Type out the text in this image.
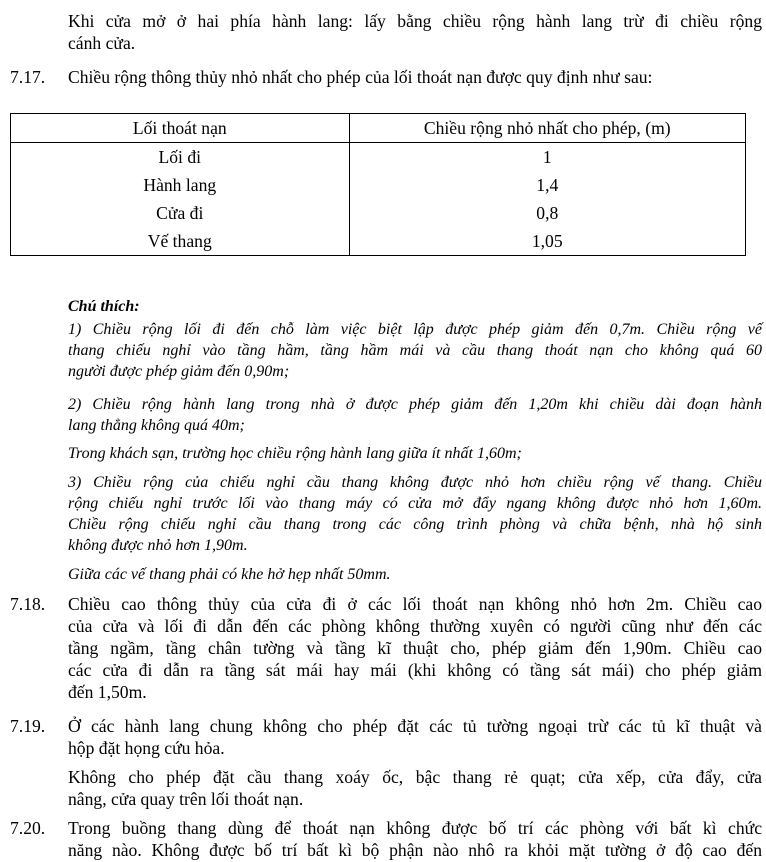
Khi cửa mở ở hai phía hành lang: lấy bằng chiều rộng hành lang trừ đi chiều rộng
cánh cửa.
7.17. Chiều rộng thông thủy nhỏ nhất cho phép của lối thoát nạn được quy định như sau:
Lối thoát nạn	Chiều rộng nhỏ nhất cho phép, (m)
Lối đi	1
Hành lang	1,4
Cửa đi	0,8
Vế thang	1,05
Chú thích:
1) Chiều rộng lối đi đến chỗ làm việc biệt lập được phép giảm đến 0,7m. Chiều rộng vế
thang chiếu nghỉ vào tầng hầm, tầng hầm mái và cầu thang thoát nạn cho không quá 60
người được phép giảm đến 0,90m;
2) Chiều rộng hành lang trong nhà ở được phép giảm đến 1,20m khi chiều dài đoạn hành
lang thẳng không quá 40m;
Trong khách sạn, trường học chiều rộng hành lang giữa ít nhất 1,60m;
3) Chiều rộng của chiếu nghỉ cầu thang không được nhỏ hơn chiều rộng vế thang. Chiều
rộng chiếu nghỉ trước lối vào thang máy có cửa mở đẩy ngang không được nhỏ hơn 1,60m.
Chiều rộng chiếu nghỉ cầu thang trong các công trình phòng và chữa bệnh, nhà hộ sinh
không được nhỏ hơn 1,90m.
Giữa các vế thang phải có khe hở hẹp nhất 50mm.
7.18. Chiều cao thông thủy của cửa đi ở các lối thoát nạn không nhỏ hơn 2m. Chiều cao
của cửa và lối đi dẫn đến các phòng không thường xuyên có người cũng như đến các
tầng ngầm, tầng chân tường và tầng kĩ thuật cho, phép giảm đến 1,90m. Chiều cao
các cửa đi dẫn ra tầng sát mái hay mái (khi không có tầng sát mái) cho phép giảm
đến 1,50m.
7.19. Ở các hành lang chung không cho phép đặt các tủ tường ngoại trừ các tủ kĩ thuật và
hộp đặt họng cứu hỏa.
Không cho phép đặt cầu thang xoáy ốc, bậc thang rẻ quạt; cửa xếp, cửa đẩy, cửa
nâng, cửa quay trên lối thoát nạn.
7.20. Trong buồng thang dùng để thoát nạn không được bố trí các phòng với bất kì chức
năng nào. Không được bố trí bất kì bộ phận nào nhô ra khỏi mặt tường ở độ cao đến
